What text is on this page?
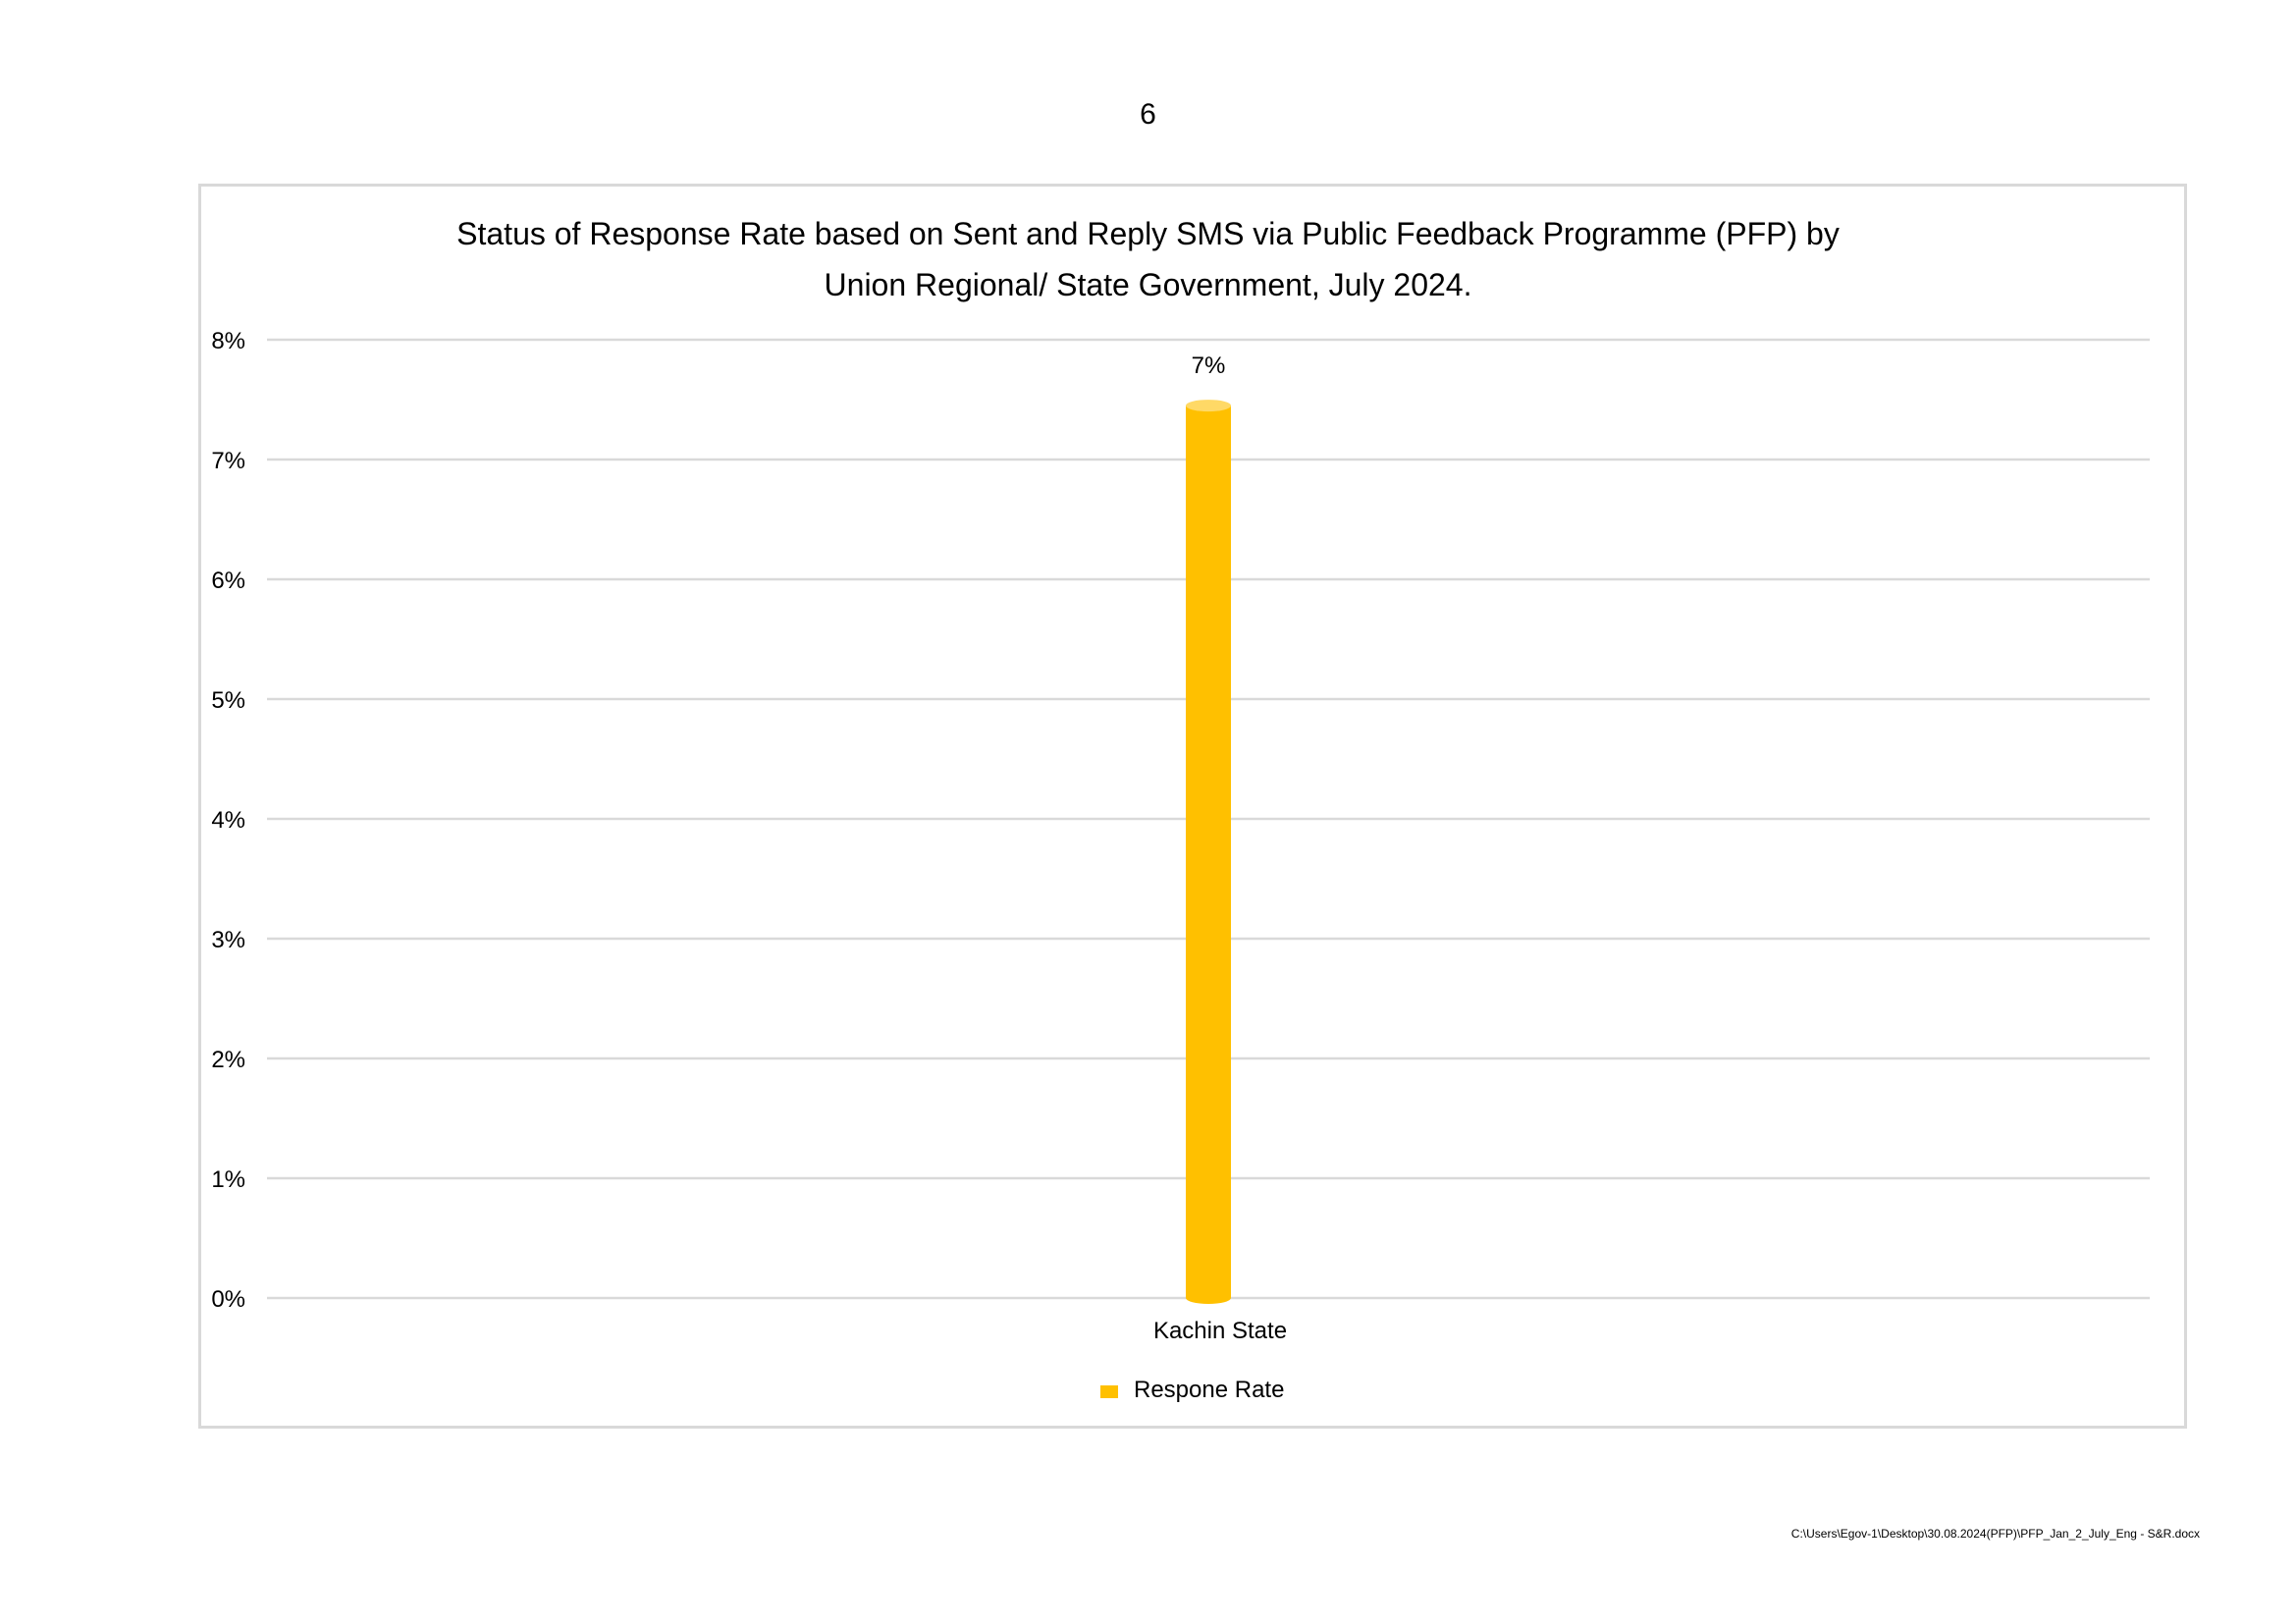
6
Status of Response Rate based on Sent and Reply SMS via Public Feedback Programme (PFP) by
Union Regional/ State Government, July 2024.
0%
1%
2%
3%
4%
5%
6%
7%
8%
7%
Kachin State
Respone Rate
C:\Users\Egov-1\Desktop\30.08.2024(PFP)\PFP_Jan_2_July_Eng - S&R.docx
